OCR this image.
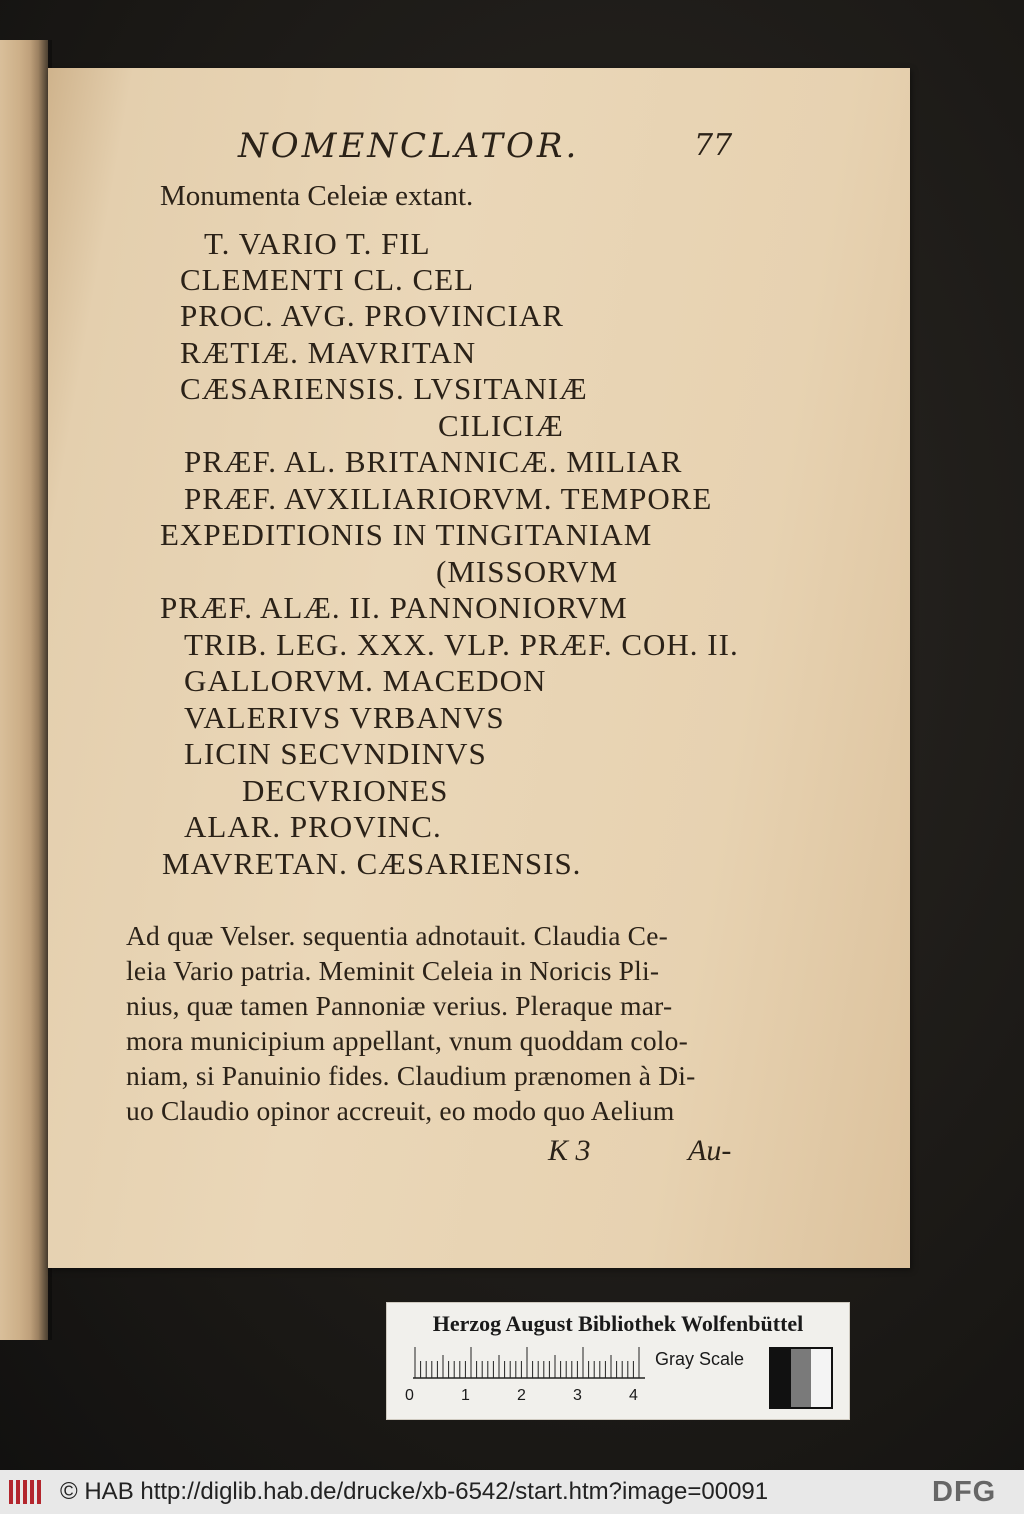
NOMENCLATOR.	77
Monumenta Celeiæ extant.
T. VARIO T. FIL
CLEMENTI CL. CEL
PROC. AVG. PROVINCIAR
RÆTIÆ. MAVRITAN
CÆSARIENSIS. LVSITANIÆ
CILICIÆ
PRÆF. AL. BRITANNICÆ. MILIAR
PRÆF. AVXILIARIORVM. TEMPORE
EXPEDITIONIS IN TINGITANIAM
(MISSORVM
PRÆF. ALÆ. II. PANNONIORVM
TRIB. LEG. XXX. VLP. PRÆF. COH. II.
GALLORVM. MACEDON
VALERIVS VRBANVS
LICIN SECVNDINVS
DECVRIONES
ALAR. PROVINC.
MAVRETAN. CÆSARIENSIS.
Ad quæ Velser. sequentia adnotauit. Claudia Ce-
leia Vario patria. Meminit Celeia in Noricis Pli-
nius, quæ tamen Pannoniæ verius. Pleraque mar-
mora municipium appellant, vnum quoddam colo-
niam, si Panuinio fides. Claudium prænomen à Di-
uo Claudio opinor accreuit, eo modo quo Aelium
K 3	Au-
Herzog August Bibliothek Wolfenbüttel
0	1	2	3	4
Gray Scale
© HAB http://diglib.hab.de/drucke/xb-6542/start.htm?image=00091	DFG
